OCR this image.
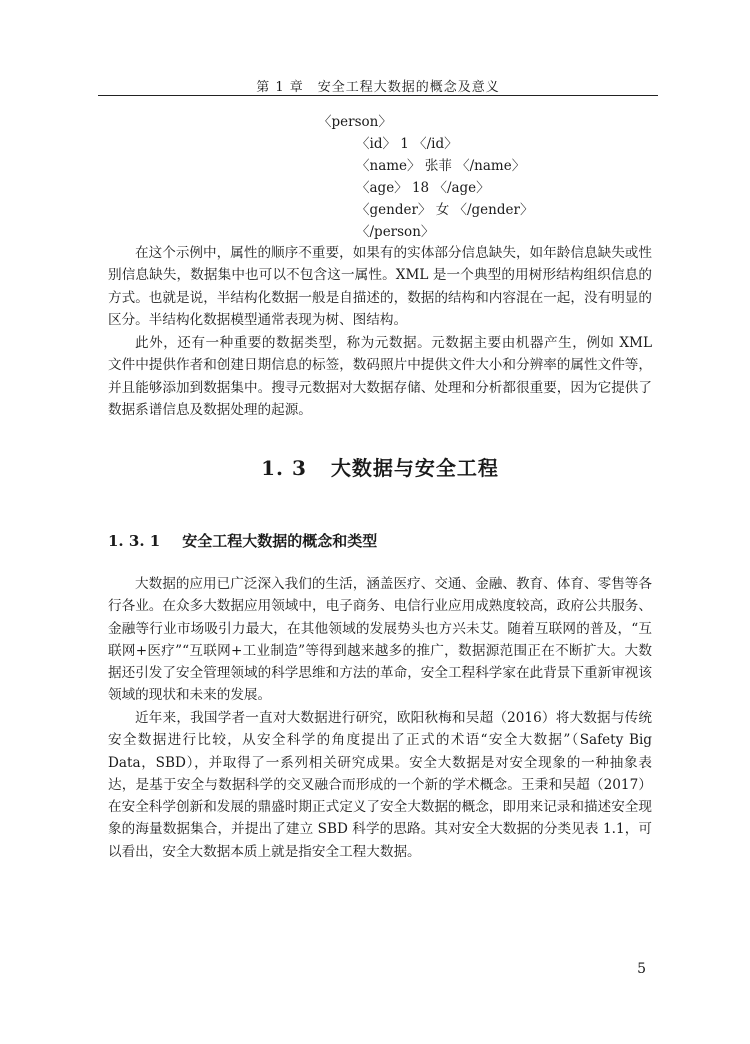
第 1 章　安全工程大数据的概念及意义
〈person〉
〈id〉 1 〈/id〉
〈name〉 张菲 〈/name〉
〈age〉 18 〈/age〉
〈gender〉 女 〈/gender〉
〈/person〉

在这个示例中，属性的顺序不重要，如果有的实体部分信息缺失，如年龄信息缺失或性别信息缺失，数据集中也可以不包含这一属性。XML 是一个典型的用树形结构组织信息的方式。也就是说，半结构化数据一般是自描述的，数据的结构和内容混在一起，没有明显的区分。半结构化数据模型通常表现为树、图结构。

此外，还有一种重要的数据类型，称为元数据。元数据主要由机器产生，例如 XML 文件中提供作者和创建日期信息的标签，数码照片中提供文件大小和分辨率的属性文件等，并且能够添加到数据集中。搜寻元数据对大数据存储、处理和分析都很重要，因为它提供了数据系谱信息及数据处理的起源。

1. 3 大数据与安全工程
1. 3. 1 安全工程大数据的概念和类型

大数据的应用已广泛深入我们的生活，涵盖医疗、交通、金融、教育、体育、零售等各行各业。在众多大数据应用领域中，电子商务、电信行业应用成熟度较高，政府公共服务、金融等行业市场吸引力最大，在其他领域的发展势头也方兴未艾。随着互联网的普及，“互联网+医疗”“互联网+工业制造”等得到越来越多的推广，数据源范围正在不断扩大。大数据还引发了安全管理领域的科学思维和方法的革命，安全工程科学家在此背景下重新审视该领域的现状和未来的发展。

近年来，我国学者一直对大数据进行研究，欧阳秋梅和吴超（2016）将大数据与传统安全数据进行比较，从安全科学的角度提出了正式的术语“安全大数据”（Safety Big Data，SBD），并取得了一系列相关研究成果。安全大数据是对安全现象的一种抽象表达，是基于安全与数据科学的交叉融合而形成的一个新的学术概念。王秉和吴超（2017）在安全科学创新和发展的鼎盛时期正式定义了安全大数据的概念，即用来记录和描述安全现象的海量数据集合，并提出了建立 SBD 科学的思路。其对安全大数据的分类见表 1.1，可以看出，安全大数据本质上就是指安全工程大数据。

5
